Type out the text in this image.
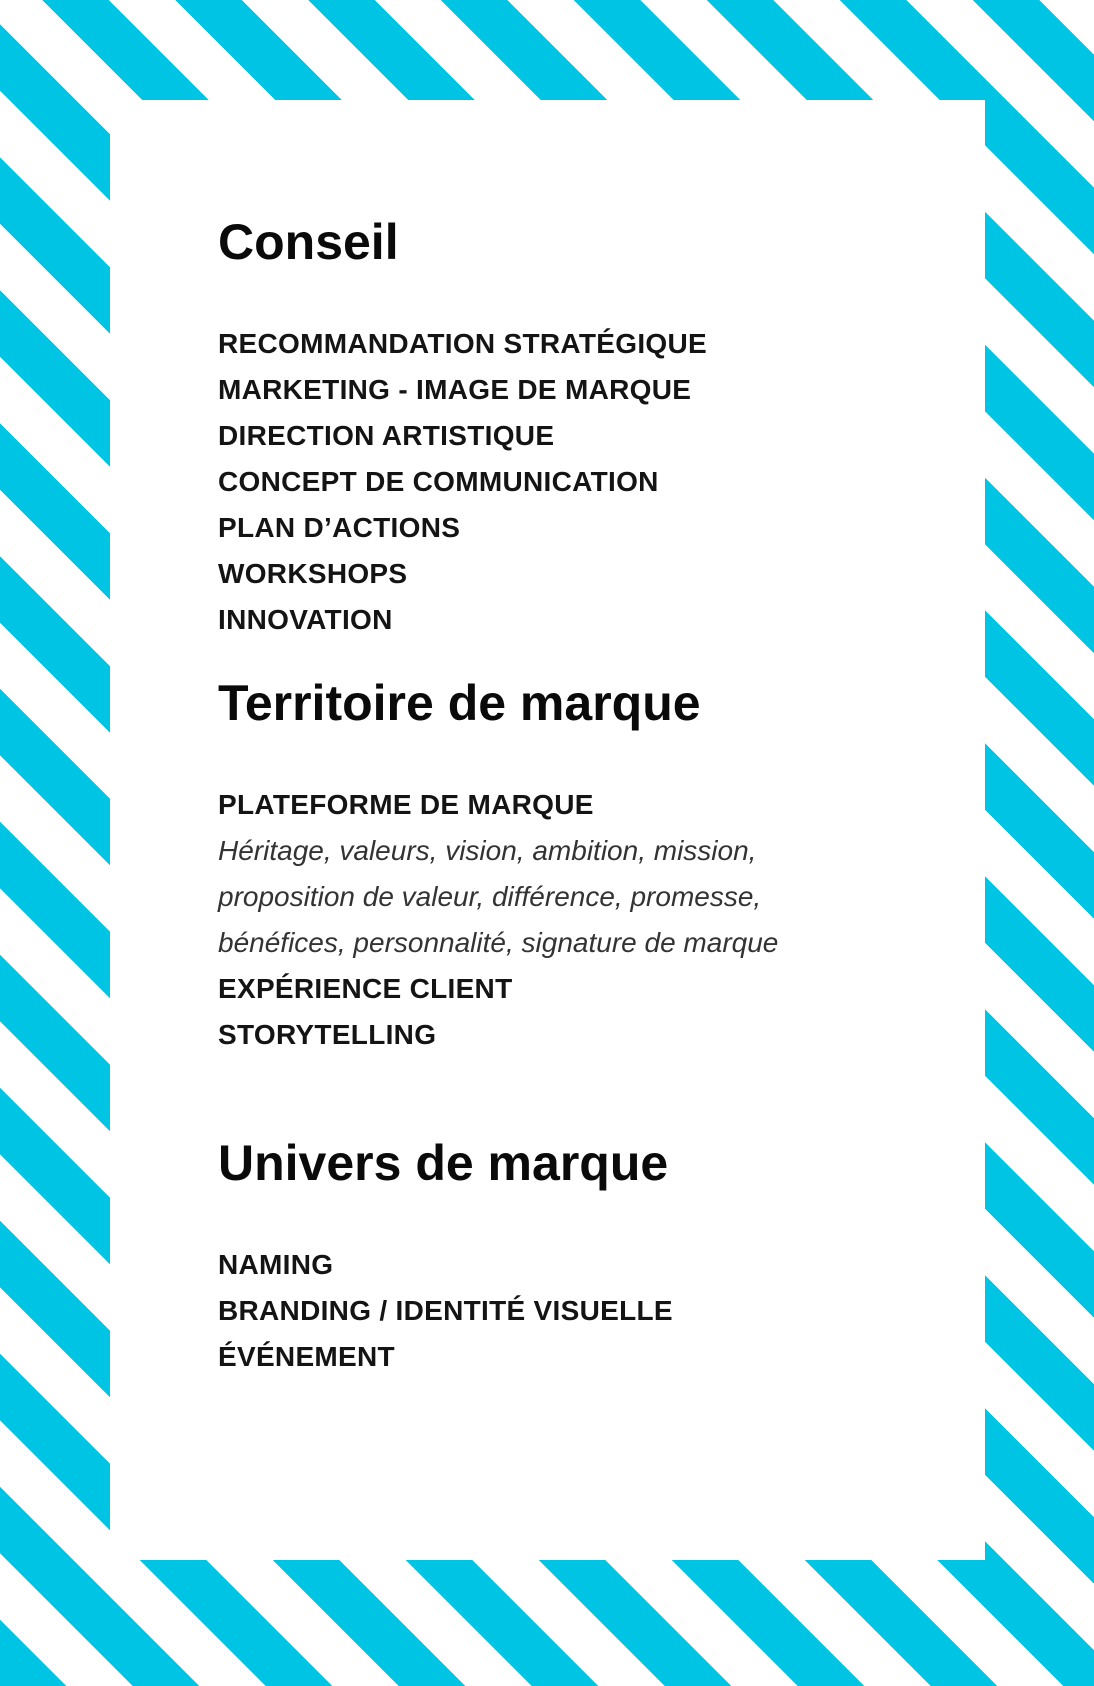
Conseil
RECOMMANDATION STRATÉGIQUE
MARKETING - IMAGE DE MARQUE
DIRECTION ARTISTIQUE
CONCEPT DE COMMUNICATION
PLAN D’ACTIONS
WORKSHOPS
INNOVATION
Territoire de marque
PLATEFORME DE MARQUE
Héritage, valeurs, vision, ambition, mission, proposition de valeur, différence, promesse, bénéfices, personnalité, signature de marque
EXPÉRIENCE CLIENT
STORYTELLING
Univers de marque
NAMING
BRANDING / IDENTITÉ VISUELLE
ÉVÉNEMENT
